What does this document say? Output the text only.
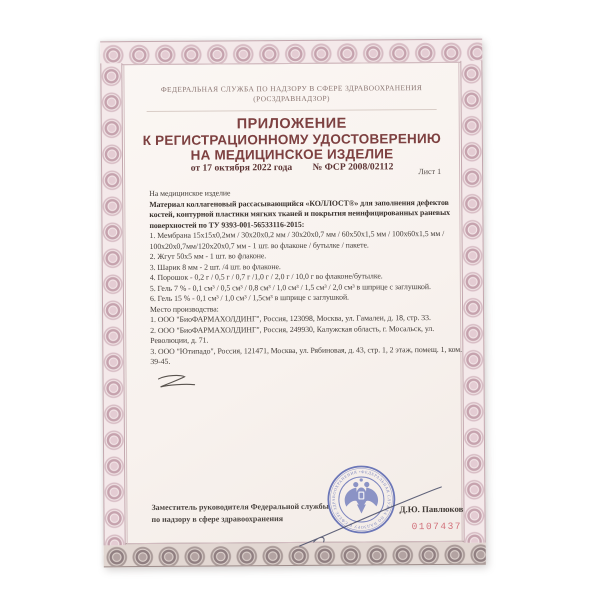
ФЕДЕРАЛЬНАЯ СЛУЖБА ПО НАДЗОРУ В СФЕРЕ ЗДРАВООХРАНЕНИЯ
(РОСЗДРАВНАДЗОР)
ПРИЛОЖЕНИЕ
К РЕГИСТРАЦИОННОМУ УДОСТОВЕРЕНИЮ
НА МЕДИЦИНСКОЕ ИЗДЕЛИЕ
от 17 октября 2022 года № ФСР 2008/02112	Лист 1

На медицинское изделие

Материал коллагеновый рассасывающийся «КОЛЛОСТ®» для заполнения дефектов костей, контурной пластики мягких тканей и покрытия неинфицированных раневых поверхностей по ТУ 9393-001-56533116-2015:

1. Мембрана 15х15х0,2мм / 30х20х0,2 мм / 30х20х0,7 мм / 60х50х1,5 мм / 100х60х1,5 мм / 100х20х0,7мм/120х20х0,7 мм - 1 шт. во флаконе / бутылке / пакете.

2. Жгут 50х5 мм - 1 шт. во флаконе.

3. Шарик 8 мм - 2 шт. /4 шт. во флаконе.

4. Порошок - 0,2 г / 0,5 г / 0,7 г /1,0 г / 2,0 г / 10,0 г во флаконе/бутылке.

5. Гель 7 % - 0,1 см³ / 0,5 см³ / 0,8 см³ / 1,0 см³ / 1,5 см³ / 2,0 см³ в шприце с заглушкой.

6. Гель 15 % - 0,1 см³ / 1,0 см³ / 1,5см³ в шприце с заглушкой.

Место производства:

1. ООО "БиоФАРМАХОЛДИНГ", Россия, 123098, Москва, ул. Гамалеи, д. 18, стр. 33.

2. ООО "БиоФАРМАХОЛДИНГ", Россия, 249930, Калужская область, г. Мосальск, ул. Революции, д. 71.

3. ООО "Ютипадо", Россия, 121471, Москва, ул. Рябиновая, д. 43, стр. 1, 2 этаж, помещ. 1, ком. 39-45.

Заместитель руководителя Федеральной службы
по надзору в сфере здравоохранения
Д.Ю. Павлюков
ФЕДЕРАЛЬНАЯ СЛУЖБА ПО НАДЗОРУ В СФЕРЕ ЗДРАВООХРАНЕНИЯ •
0107437
